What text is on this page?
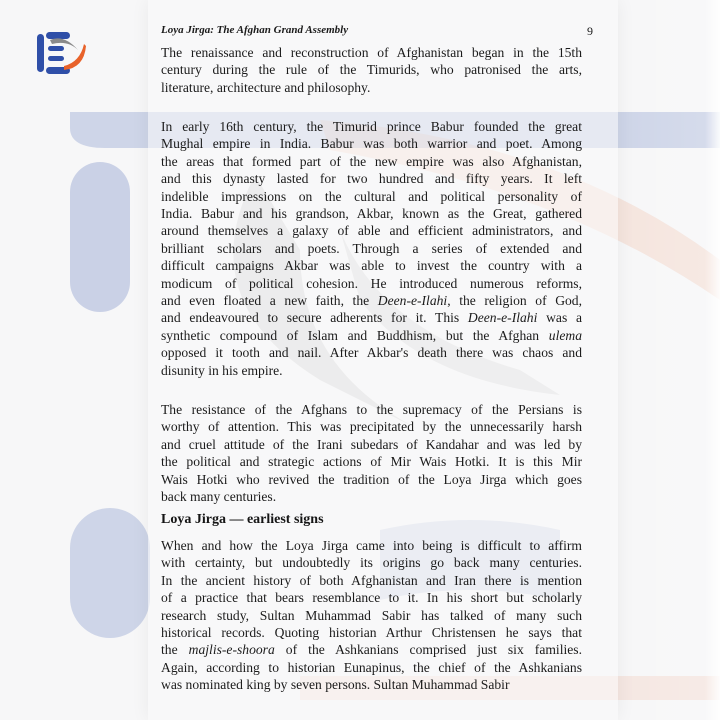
Loya Jirga: The Afghan Grand Assembly	9
The renaissance and reconstruction of Afghanistan began in the 15th
century during the rule of the Timurids, who patronised the arts,
literature, architecture and philosophy.
In early 16th century, the Timurid prince Babur founded the great
Mughal empire in India. Babur was both warrior and poet. Among
the areas that formed part of the new empire was also Afghanistan,
and this dynasty lasted for two hundred and fifty years. It left
indelible impressions on the cultural and political personality of
India. Babur and his grandson, Akbar, known as the Great, gathered
around themselves a galaxy of able and efficient administrators, and
brilliant scholars and poets. Through a series of extended and
difficult campaigns Akbar was able to invest the country with a
modicum of political cohesion. He introduced numerous reforms,
and even floated a new faith, the Deen-e-Ilahi, the religion of God,
and endeavoured to secure adherents for it. This Deen-e-Ilahi was a
synthetic compound of Islam and Buddhism, but the Afghan ulema
opposed it tooth and nail. After Akbar's death there was chaos and
disunity in his empire.
The resistance of the Afghans to the supremacy of the Persians is
worthy of attention. This was precipitated by the unnecessarily harsh
and cruel attitude of the Irani subedars of Kandahar and was led by
the political and strategic actions of Mir Wais Hotki. It is this Mir
Wais Hotki who revived the tradition of the Loya Jirga which goes
back many centuries.
Loya Jirga — earliest signs
When and how the Loya Jirga came into being is difficult to affirm
with certainty, but undoubtedly its origins go back many centuries.
In the ancient history of both Afghanistan and Iran there is mention
of a practice that bears resemblance to it. In his short but scholarly
research study, Sultan Muhammad Sabir has talked of many such
historical records. Quoting historian Arthur Christensen he says that
the majlis-e-shoora of the Ashkanians comprised just six families.
Again, according to historian Eunapinus, the chief of the Ashkanians
was nominated king by seven persons. Sultan Muhammad Sabir
